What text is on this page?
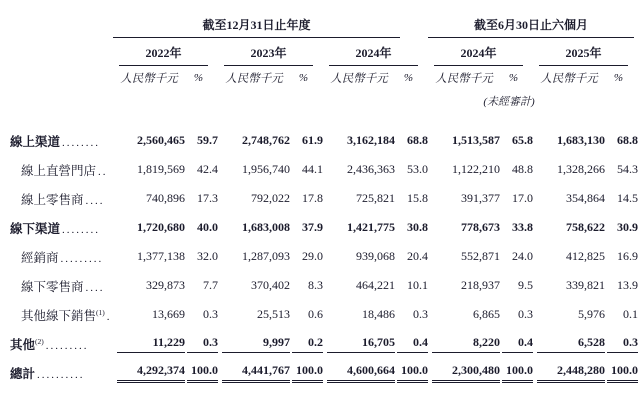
截至12月31日止年度	截至6月30日止六個月
2022年	2023年	2024年	2024年	2025年
人民幣千元	%	人民幣千元	%	人民幣千元	%	人民幣千元	%	人民幣千元	%
(未經審計)
線上渠道 ........	2,560,465	59.7	2,748,762	61.9	3,162,184	68.8	1,513,587	65.8	1,683,130	68.8
線上直營門店 ..	1,819,569	42.4	1,956,740	44.1	2,436,363	53.0	1,122,210	48.8	1,328,266	54.3
線上零售商 ....	740,896	17.3	792,022	17.8	725,821	15.8	391,377	17.0	354,864	14.5
線下渠道 ........	1,720,680	40.0	1,683,008	37.9	1,421,775	30.8	778,673	33.8	758,622	30.9
經銷商 .........	1,377,138	32.0	1,287,093	29.0	939,068	20.4	552,871	24.0	412,825	16.9
線下零售商 ....	329,873	7.7	370,402	8.3	464,221	10.1	218,937	9.5	339,821	13.9
其他線下銷售$^{(1)}$ .	13,669	0.3	25,513	0.6	18,486	0.3	6,865	0.3	5,976	0.1
其他$^{(2)}$ .........	11,229	0.3	9,997	0.2	16,705	0.4	8,220	0.4	6,528	0.3
總計 ..........	4,292,374 100.0	4,441,767 100.0	4,600,664 100.0	2,300,480 100.0	2,448,280 100.0
